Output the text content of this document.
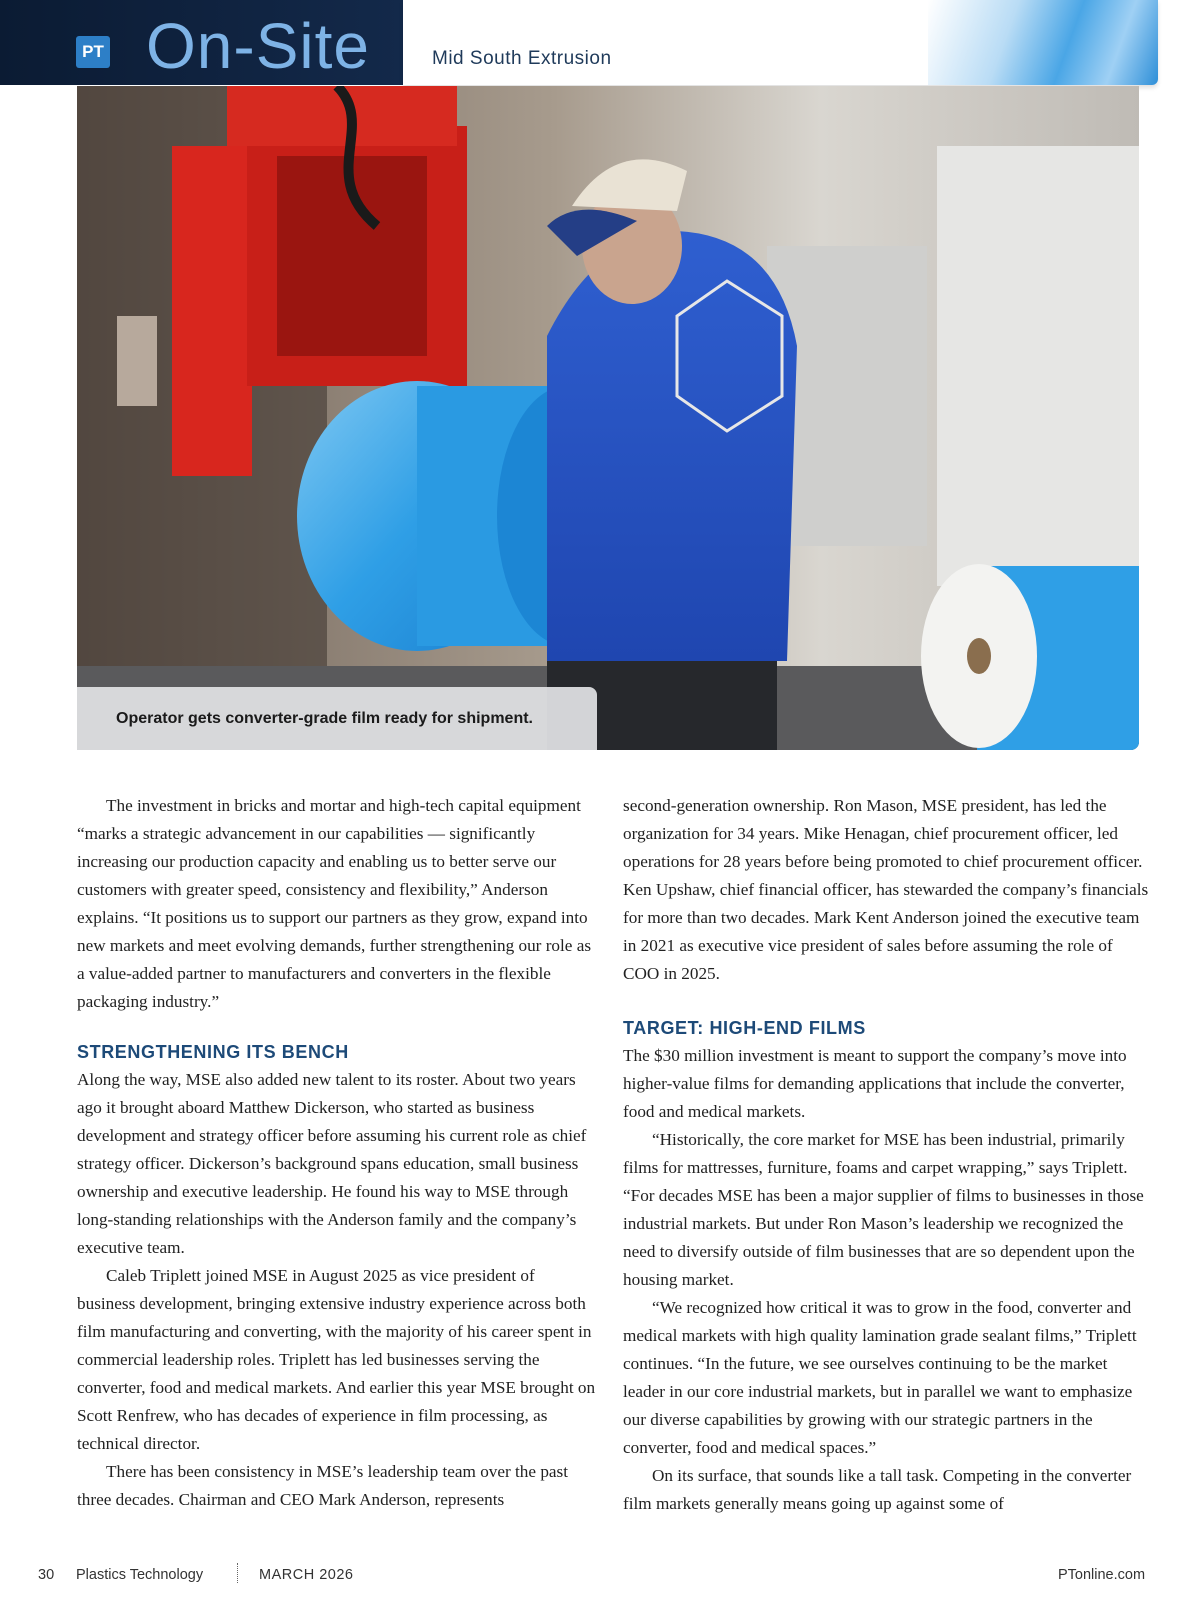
PT On-Site	Mid South Extrusion
Operator gets converter-grade film ready for shipment.

The investment in bricks and mortar and high-tech capital equipment “marks a strategic advancement in our capabilities — significantly increasing our production capacity and enabling us to better serve our customers with greater speed, consistency and flexibility,” Anderson explains. “It positions us to support our partners as they grow, expand into new markets and meet evolving demands, further strengthening our role as a value-added partner to manufacturers and converters in the flexible packaging industry.”

STRENGTHENING ITS BENCH

Along the way, MSE also added new talent to its roster. About two years ago it brought aboard Matthew Dickerson, who started as business development and strategy officer before assuming his current role as chief strategy officer. Dickerson’s background spans education, small business ownership and executive leadership. He found his way to MSE through long-standing relationships with the Anderson family and the company’s executive team.

Caleb Triplett joined MSE in August 2025 as vice president of business development, bringing extensive industry experience across both film manufacturing and converting, with the majority of his career spent in commercial leadership roles. Triplett has led businesses serving the converter, food and medical markets. And earlier this year MSE brought on Scott Renfrew, who has decades of experience in film processing, as technical director.

There has been consistency in MSE’s leadership team over the past three decades. Chairman and CEO Mark Anderson, represents

second-generation ownership. Ron Mason, MSE president, has led the organization for 34 years. Mike Henagan, chief procurement officer, led operations for 28 years before being promoted to chief procurement officer. Ken Upshaw, chief financial officer, has stewarded the company’s financials for more than two decades. Mark Kent Anderson joined the executive team in 2021 as executive vice president of sales before assuming the role of COO in 2025.

TARGET: HIGH-END FILMS

The $30 million investment is meant to support the company’s move into higher-value films for demanding applications that include the converter, food and medical markets.

“Historically, the core market for MSE has been industrial, primarily films for mattresses, furniture, foams and carpet wrapping,” says Triplett. “For decades MSE has been a major supplier of films to businesses in those industrial markets. But under Ron Mason’s leadership we recognized the need to diversify outside of film businesses that are so dependent upon the housing market.

“We recognized how critical it was to grow in the food, converter and medical markets with high quality lamination grade sealant films,” Triplett continues. “In the future, we see ourselves continuing to be the market leader in our core industrial markets, but in parallel we want to emphasize our diverse capabilities by growing with our strategic partners in the converter, food and medical spaces.”

On its surface, that sounds like a tall task. Competing in the converter film markets generally means going up against some of

30 Plastics Technology	MARCH 2026	PTonline.com
